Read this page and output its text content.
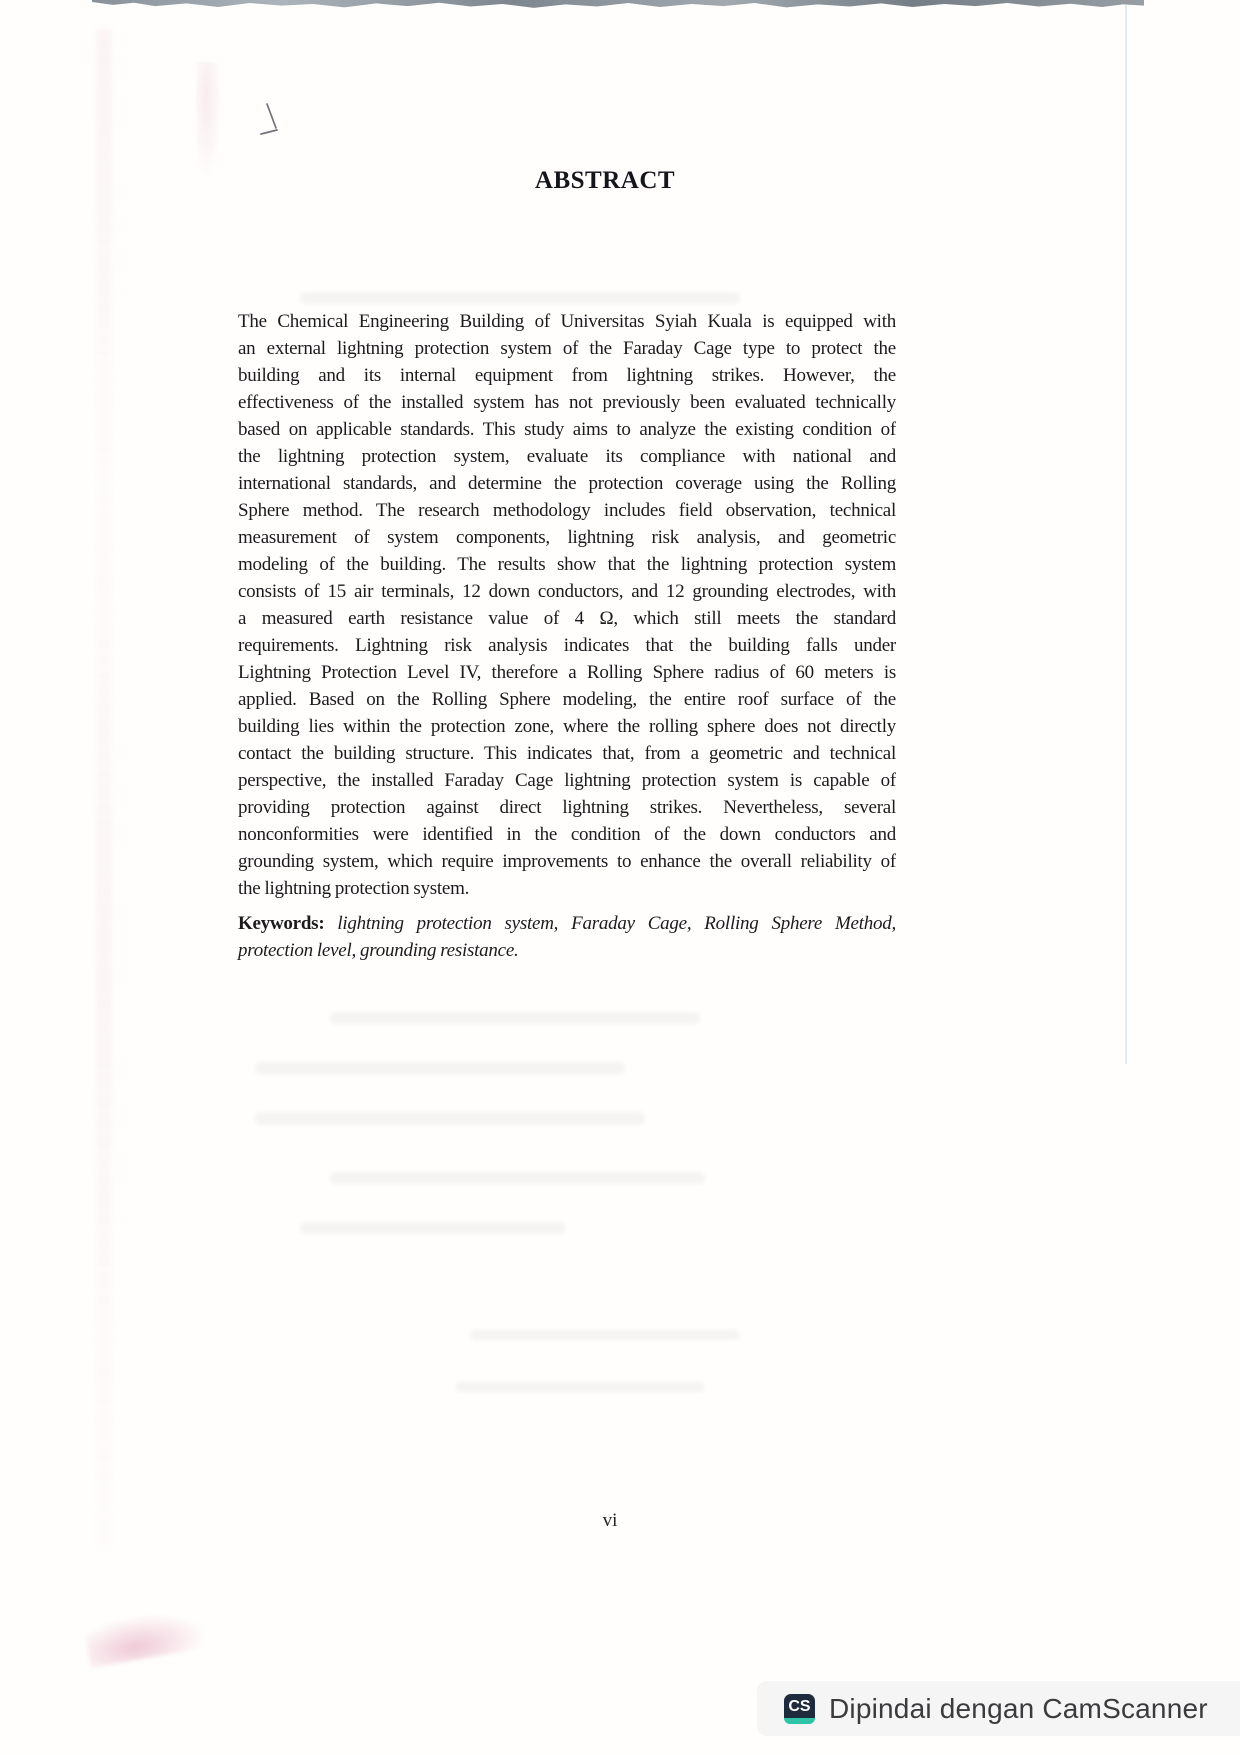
ABSTRACT
The Chemical Engineering Building of Universitas Syiah Kuala is equipped with
an external lightning protection system of the Faraday Cage type to protect the
building and its internal equipment from lightning strikes. However, the
effectiveness of the installed system has not previously been evaluated technically
based on applicable standards. This study aims to analyze the existing condition of
the lightning protection system, evaluate its compliance with national and
international standards, and determine the protection coverage using the Rolling
Sphere method. The research methodology includes field observation, technical
measurement of system components, lightning risk analysis, and geometric
modeling of the building. The results show that the lightning protection system
consists of 15 air terminals, 12 down conductors, and 12 grounding electrodes, with
a measured earth resistance value of 4 Ω, which still meets the standard
requirements. Lightning risk analysis indicates that the building falls under
Lightning Protection Level IV, therefore a Rolling Sphere radius of 60 meters is
applied. Based on the Rolling Sphere modeling, the entire roof surface of the
building lies within the protection zone, where the rolling sphere does not directly
contact the building structure. This indicates that, from a geometric and technical
perspective, the installed Faraday Cage lightning protection system is capable of
providing protection against direct lightning strikes. Nevertheless, several
nonconformities were identified in the condition of the down conductors and
grounding system, which require improvements to enhance the overall reliability of
the lightning protection system.
Keywords: lightning protection system, Faraday Cage, Rolling Sphere Method,
protection level, grounding resistance.
vi
CS Dipindai dengan CamScanner
